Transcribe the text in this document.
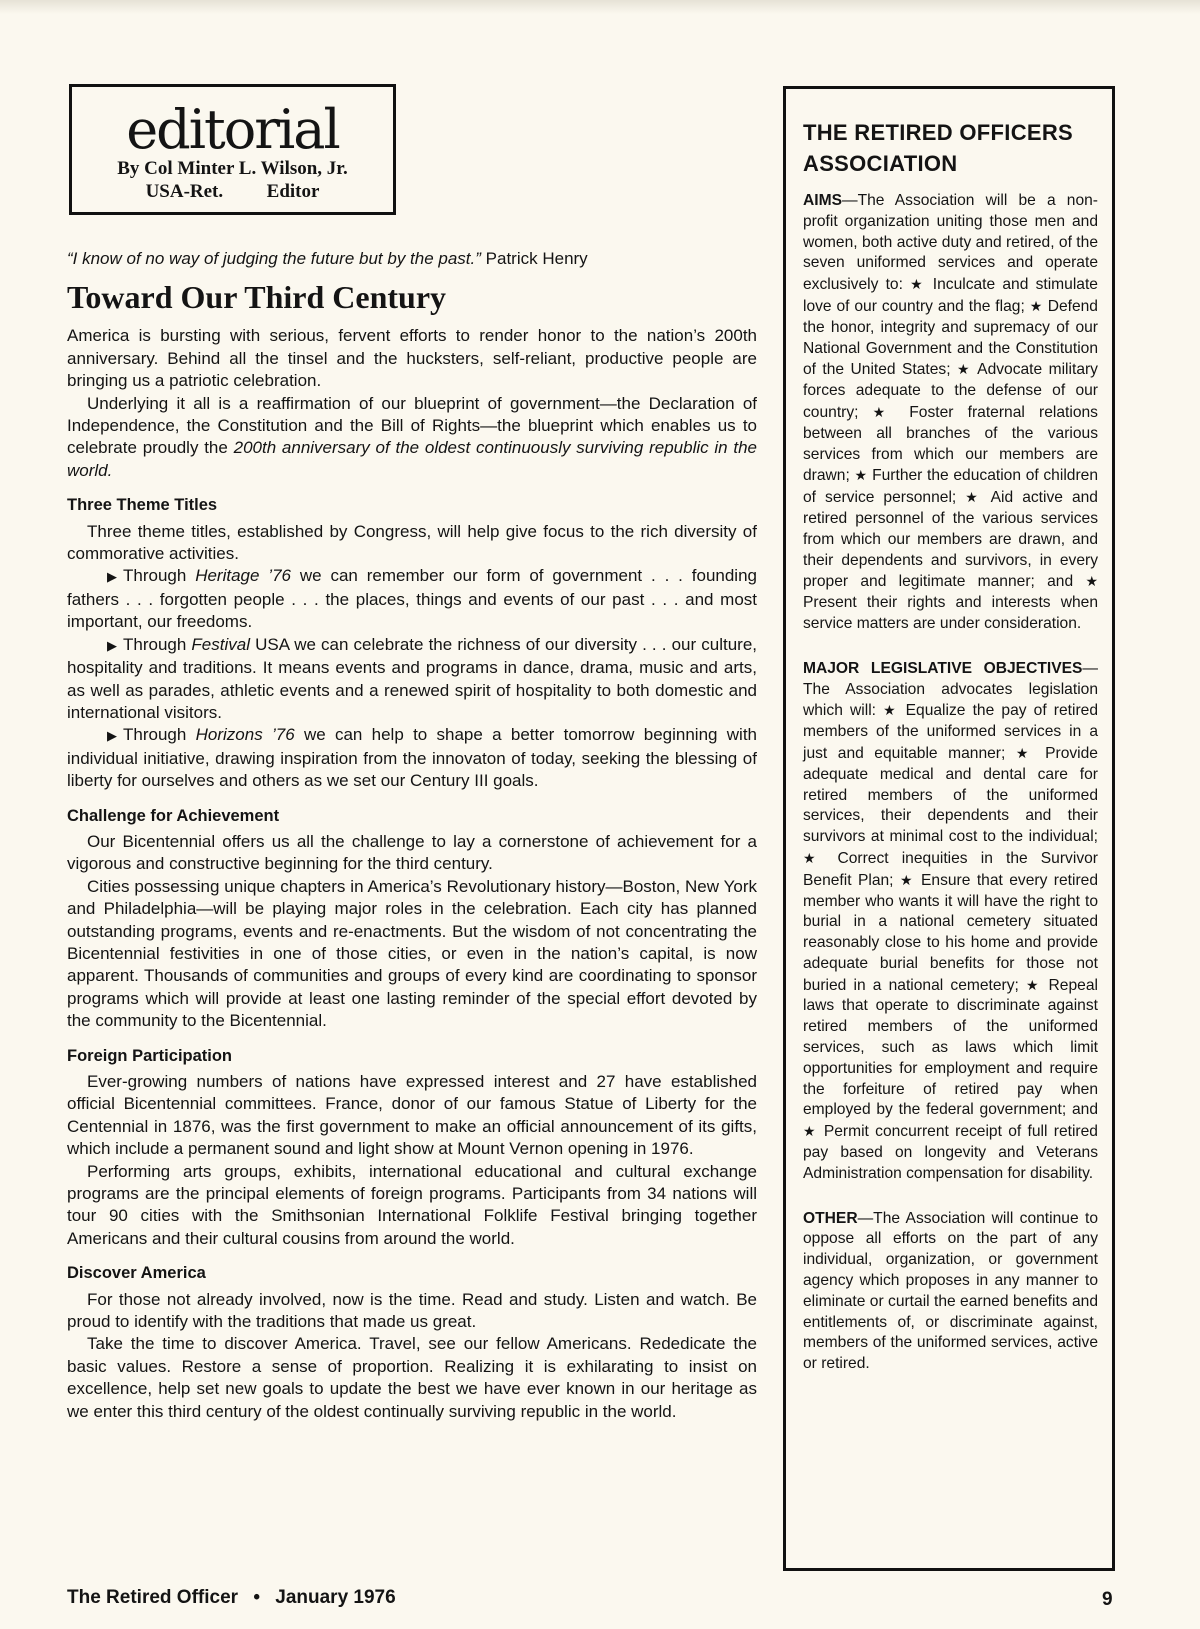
editorial
By Col Minter L. Wilson, Jr.
USA-Ret. Editor

“I know of no way of judging the future but by the past.” Patrick Henry

Toward Our Third Century

America is bursting with serious, fervent efforts to render honor to the nation’s 200th anniversary. Behind all the tinsel and the hucksters, self-reliant, productive people are bringing us a patriotic celebration.

Underlying it all is a reaffirmation of our blueprint of government—the Declaration of Independence, the Constitution and the Bill of Rights—the blueprint which enables us to celebrate proudly the 200th anniversary of the oldest continuously surviving republic in the world.

Three Theme Titles

Three theme titles, established by Congress, will help give focus to the rich diversity of commorative activities.

▶ Through Heritage ’76 we can remember our form of government . . . founding fathers . . . forgotten people . . . the places, things and events of our past . . . and most important, our freedoms.

▶ Through Festival USA we can celebrate the richness of our diversity . . . our culture, hospitality and traditions. It means events and programs in dance, drama, music and arts, as well as parades, athletic events and a renewed spirit of hospitality to both domestic and international visitors.

▶ Through Horizons ’76 we can help to shape a better tomorrow beginning with individual initiative, drawing inspiration from the innovaton of today, seeking the blessing of liberty for ourselves and others as we set our Century III goals.

Challenge for Achievement

Our Bicentennial offers us all the challenge to lay a cornerstone of achievement for a vigorous and constructive beginning for the third century.

Cities possessing unique chapters in America’s Revolutionary history—Boston, New York and Philadelphia—will be playing major roles in the celebration. Each city has planned outstanding programs, events and re-enactments. But the wisdom of not concentrating the Bicentennial festivities in one of those cities, or even in the nation’s capital, is now apparent. Thousands of communities and groups of every kind are coordinating to sponsor programs which will provide at least one lasting reminder of the special effort devoted by the community to the Bicentennial.

Foreign Participation

Ever-growing numbers of nations have expressed interest and 27 have established official Bicentennial committees. France, donor of our famous Statue of Liberty for the Centennial in 1876, was the first government to make an official announcement of its gifts, which include a permanent sound and light show at Mount Vernon opening in 1976.

Performing arts groups, exhibits, international educational and cultural exchange programs are the principal elements of foreign programs. Participants from 34 nations will tour 90 cities with the Smithsonian International Folklife Festival bringing together Americans and their cultural cousins from around the world.

Discover America

For those not already involved, now is the time. Read and study. Listen and watch. Be proud to identify with the traditions that made us great.

Take the time to discover America. Travel, see our fellow Americans. Rededicate the basic values. Restore a sense of proportion. Realizing it is exhilarating to insist on excellence, help set new goals to update the best we have ever known in our heritage as we enter this third century of the oldest continually surviving republic in the world.

THE RETIRED OFFICERS ASSOCIATION

AIMS—The Association will be a non-profit organization uniting those men and women, both active duty and retired, of the seven uniformed services and operate exclusively to: ★ Inculcate and stimulate love of our country and the flag; ★ Defend the honor, integrity and supremacy of our National Government and the Constitution of the United States; ★ Advocate military forces adequate to the defense of our country; ★ Foster fraternal relations between all branches of the various services from which our members are drawn; ★ Further the education of children of service personnel; ★ Aid active and retired personnel of the various services from which our members are drawn, and their dependents and survivors, in every proper and legitimate manner; and ★ Present their rights and interests when service matters are under consideration.

MAJOR LEGISLATIVE OBJECTIVES—The Association advocates legislation which will: ★ Equalize the pay of retired members of the uniformed services in a just and equitable manner; ★ Provide adequate medical and dental care for retired members of the uniformed services, their dependents and their survivors at minimal cost to the individual; ★ Correct inequities in the Survivor Benefit Plan; ★ Ensure that every retired member who wants it will have the right to burial in a national cemetery situated reasonably close to his home and provide adequate burial benefits for those not buried in a national cemetery; ★ Repeal laws that operate to discriminate against retired members of the uniformed services, such as laws which limit opportunities for employment and require the forfeiture of retired pay when employed by the federal government; and ★ Permit concurrent receipt of full retired pay based on longevity and Veterans Administration compensation for disability.

OTHER—The Association will continue to oppose all efforts on the part of any individual, organization, or government agency which proposes in any manner to eliminate or curtail the earned benefits and entitlements of, or discriminate against, members of the uniformed services, active or retired.

The Retired Officer • January 1976	9
